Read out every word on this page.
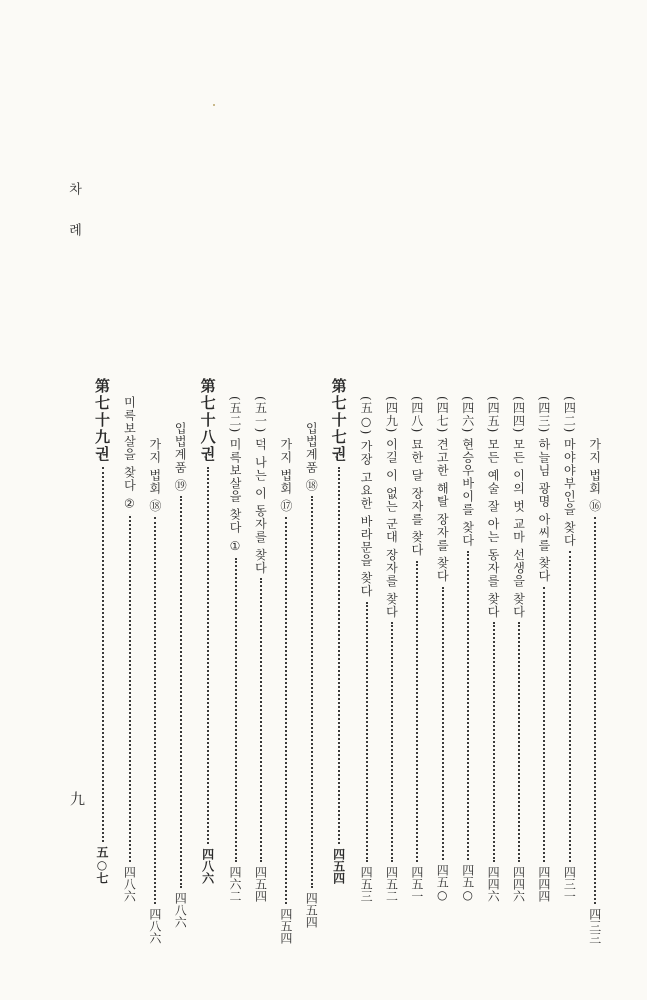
차 례
九
가지 법회 ⑯
四三三
(四二) 마야야부인을 찾다
四三一
(四三) 하늘님 광명 아씨를 찾다
四四四
(四四) 모든 이의 벗 교마 선생을 찾다
四四六
(四五) 모든 예술 잘 아는 동자를 찾다
四四六
(四六) 현승우바이를 찾다
四五○
(四七) 견고한 해탈 장자를 찾다
四五○
(四八) 묘한 달 장자를 찾다
四五一
(四九) 이길 이 없는 군대 장자를 찾다
四五二
(五○) 가장 고요한 바라문을 찾다
四五三
第七十七권
四五四
입법계품 ⑱
四五四
가지 법회 ⑰
四五四
(五一) 덕 나는 이 동자를 찾다
四五四
(五二) 미륵보살을 찾다 ①
四六二
第七十八권
四八六
입법계품 ⑲
四八六
가지 법회 ⑱
四八六
미륵보살을 찾다 ②
四八六
第七十九권
五○七
